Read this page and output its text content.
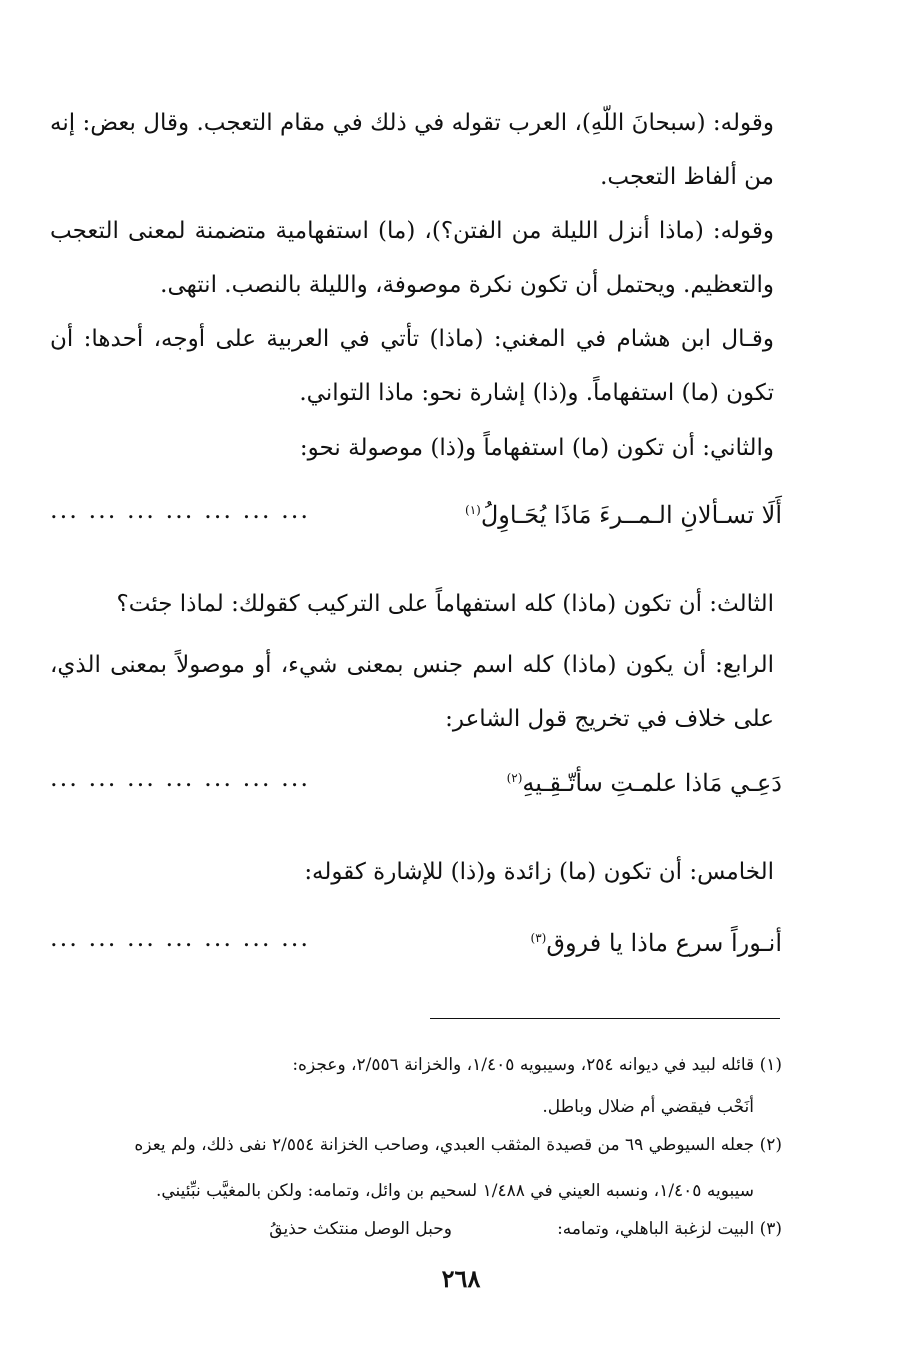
وقوله: (سبحانَ اللّهِ)، العرب تقوله في ذلك في مقام التعجب. وقال بعض: إنه من ألفاظ التعجب.

وقوله: (ماذا أنزل الليلة من الفتن؟)، (ما) استفهامية متضمنة لمعنى التعجب والتعظيم. ويحتمل أن تكون نكرة موصوفة، والليلة بالنصب. انتهى.

وقـال ابن هشام في المغني: (ماذا) تأتي في العربية على أوجه، أحدها: أن تكون (ما) استفهاماً. و(ذا) إشارة نحو: ماذا التواني.

والثاني: أن تكون (ما) استفهاماً و(ذا) موصولة نحو:
أَلَا تسـألانِ الـمــرءَ مَاذَا يُحَـاوِلُ$^{(١)}$
... ... ... ... ... ... ...
الثالث: أن تكون (ماذا) كله استفهاماً على التركيب كقولك: لماذا جئت؟

الرابع: أن يكون (ماذا) كله اسم جنس بمعنى شيء، أو موصولاً بمعنى الذي، على خلاف في تخريج قول الشاعر:

دَعِـي مَاذا علمـتِ سأتّـقِـيهِ$^{(٢)}$
... ... ... ... ... ... ...
الخامس: أن تكون (ما) زائدة و(ذا) للإشارة كقوله:
أنـوراً سرع ماذا يا فروق$^{(٣)}$
... ... ... ... ... ... ...
(١) قائله لبيد في ديوانه ٢٥٤، وسيبويه ١/٤٠٥، والخزانة ٢/٥٥٦، وعجزه:
أنَحْب فيقضي أم ضلال وباطل.
(٢) جعله السيوطي ٦٩ من قصيدة المثقب العبدي، وصاحب الخزانة ٢/٥٥٤ نفى ذلك، ولم يعزه
سيبويه ١/٤٠٥، ونسبه العيني في ١/٤٨٨ لسحيم بن وائل، وتمامه: ولكن بالمغيَّب نبِّئيني.
(٣) البيت لزغبة الباهلي، وتمامه:
وحبل الوصل منتكث حذيقُ
٢٦٨
